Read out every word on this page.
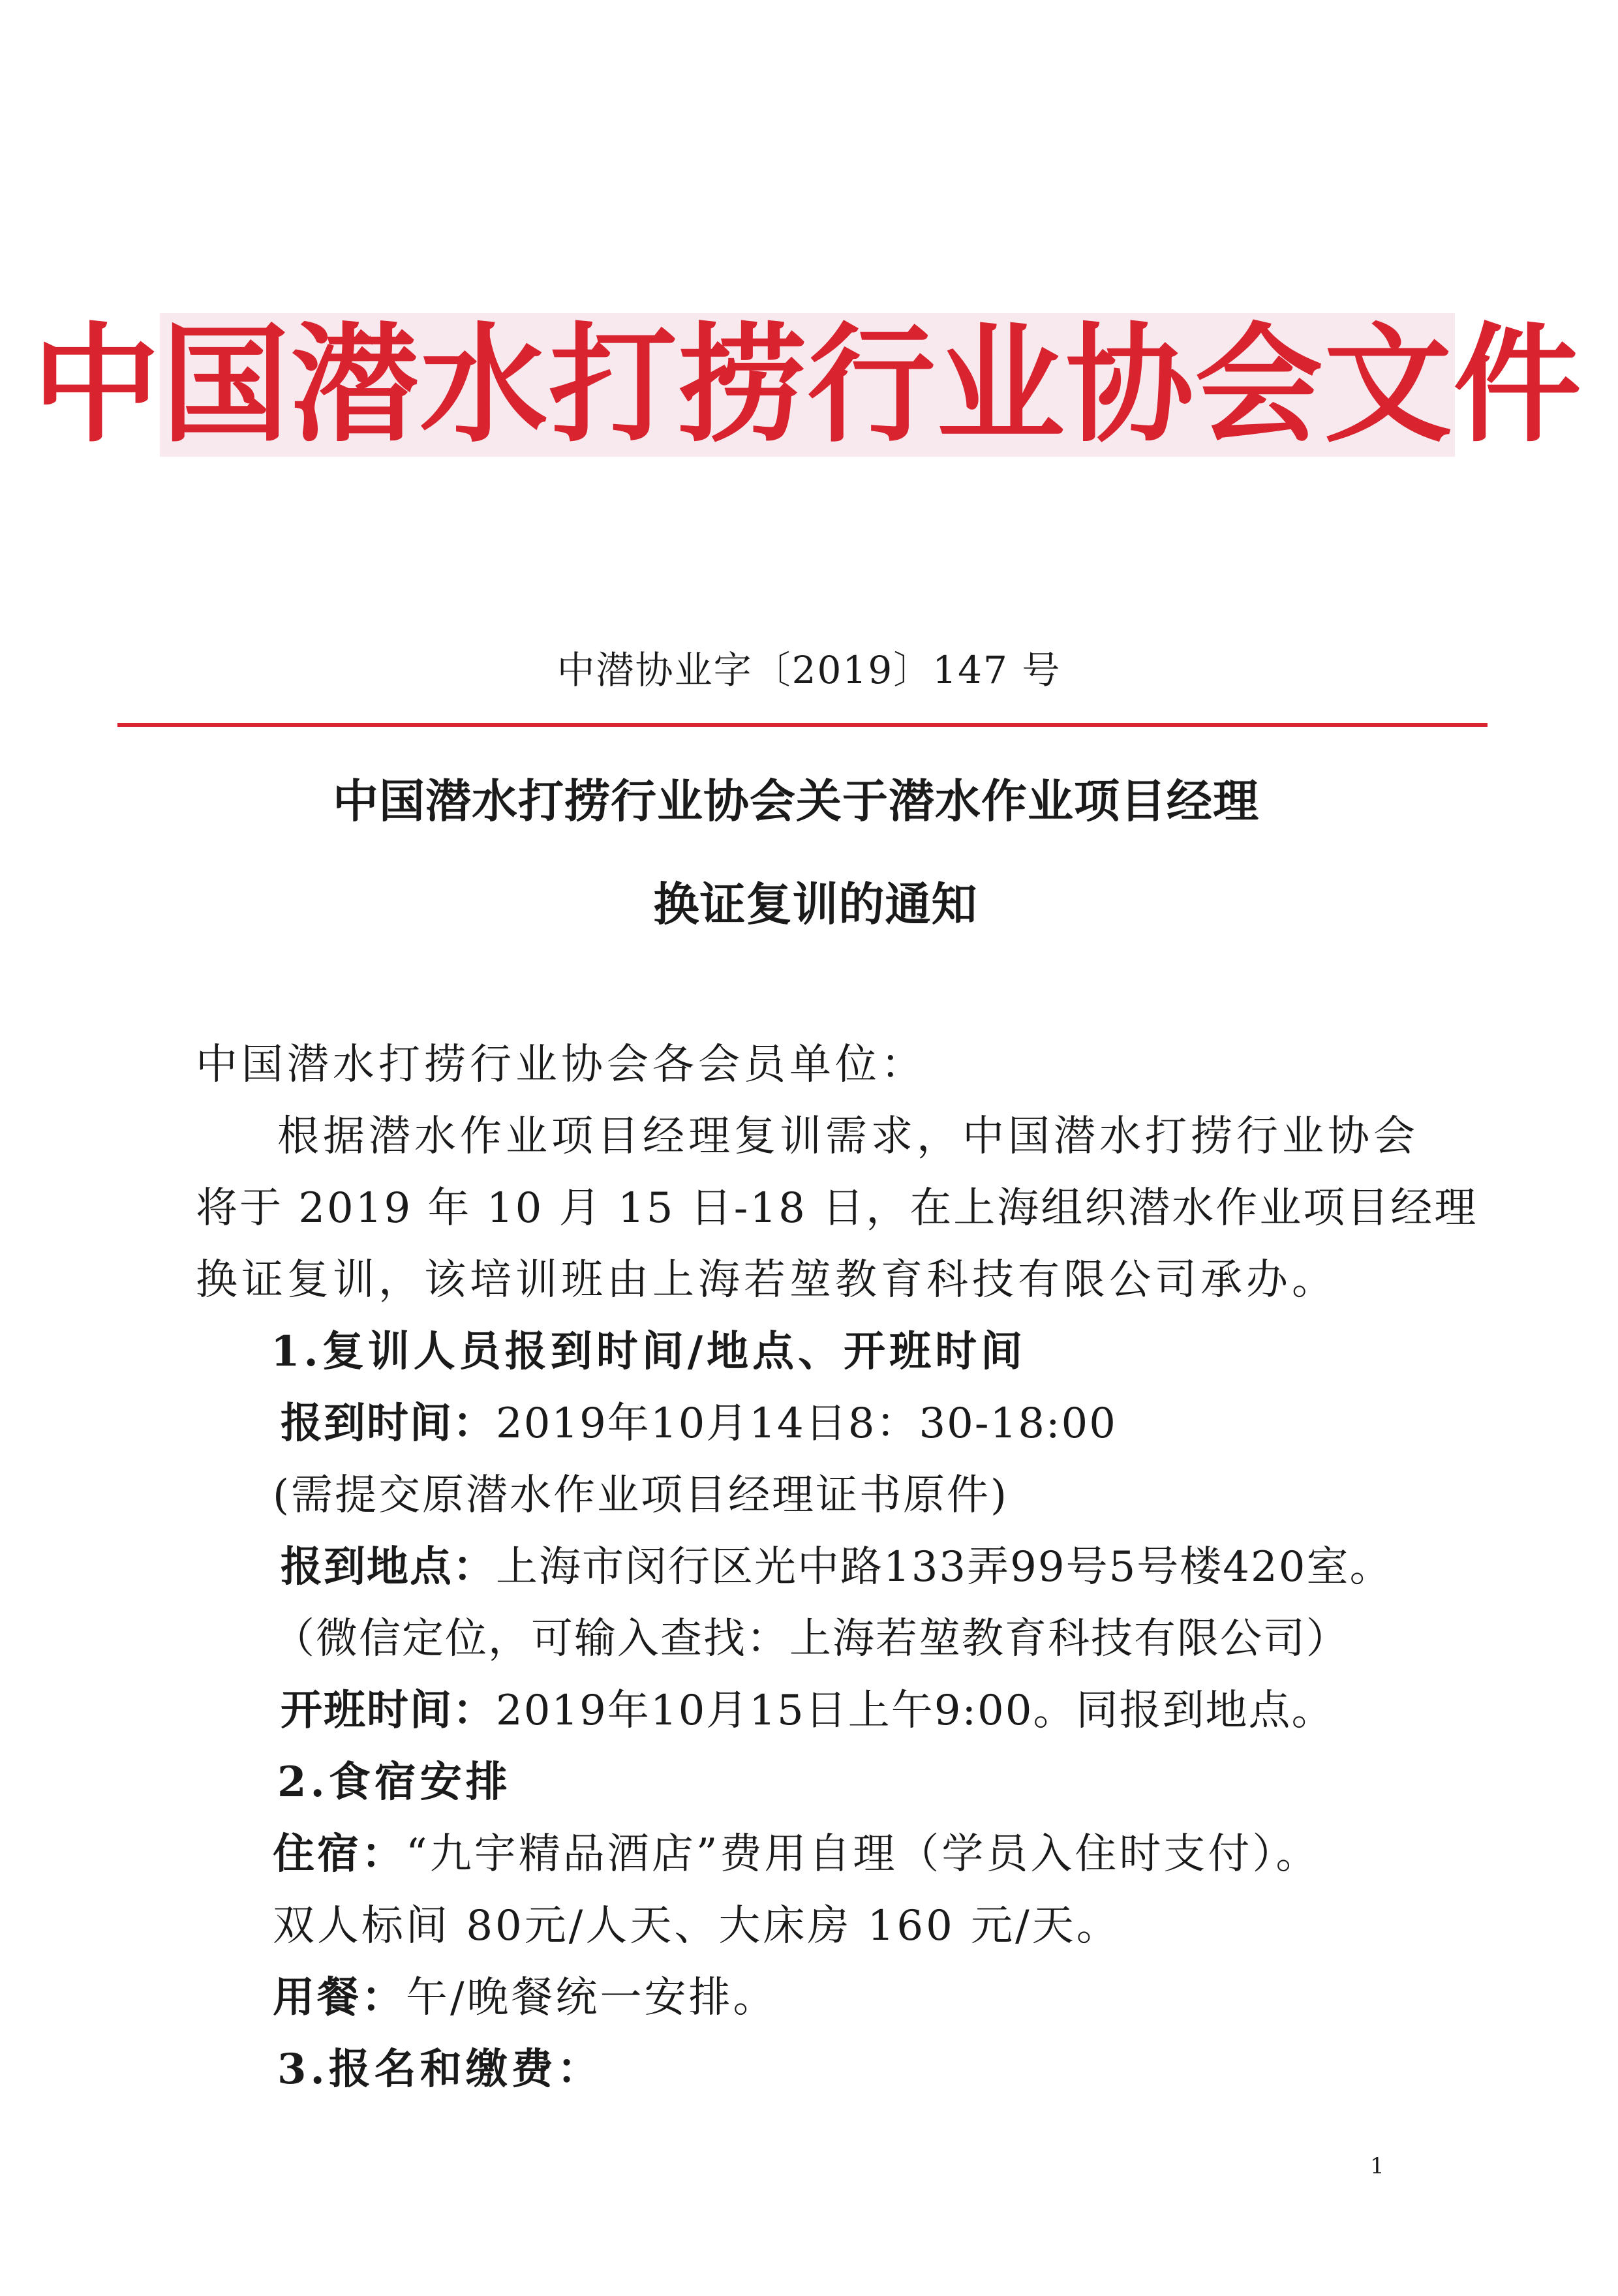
中国潜水打捞行业协会文件
中潜协业字〔2019〕147 号
中国潜水打捞行业协会关于潜水作业项目经理
换证复训的通知
中国潜水打捞行业协会各会员单位：
根据潜水作业项目经理复训需求，中国潜水打捞行业协会
将于 2019 年 10 月 15 日-18 日，在上海组织潜水作业项目经理
换证复训，该培训班由上海若堃教育科技有限公司承办。
1.复训人员报到时间/地点、开班时间
报到时间：2019年10月14日8：30-18:00
(需提交原潜水作业项目经理证书原件)
报到地点：上海市闵行区光中路133弄99号5号楼420室。
（微信定位，可输入查找：上海若堃教育科技有限公司）
开班时间：2019年10月15日上午9:00。同报到地点。
2.食宿安排
住宿：“九宇精品酒店”费用自理（学员入住时支付）。
双人标间 80元/人天、大床房 160 元/天。
用餐：午/晚餐统一安排。
3.报名和缴费：
1
